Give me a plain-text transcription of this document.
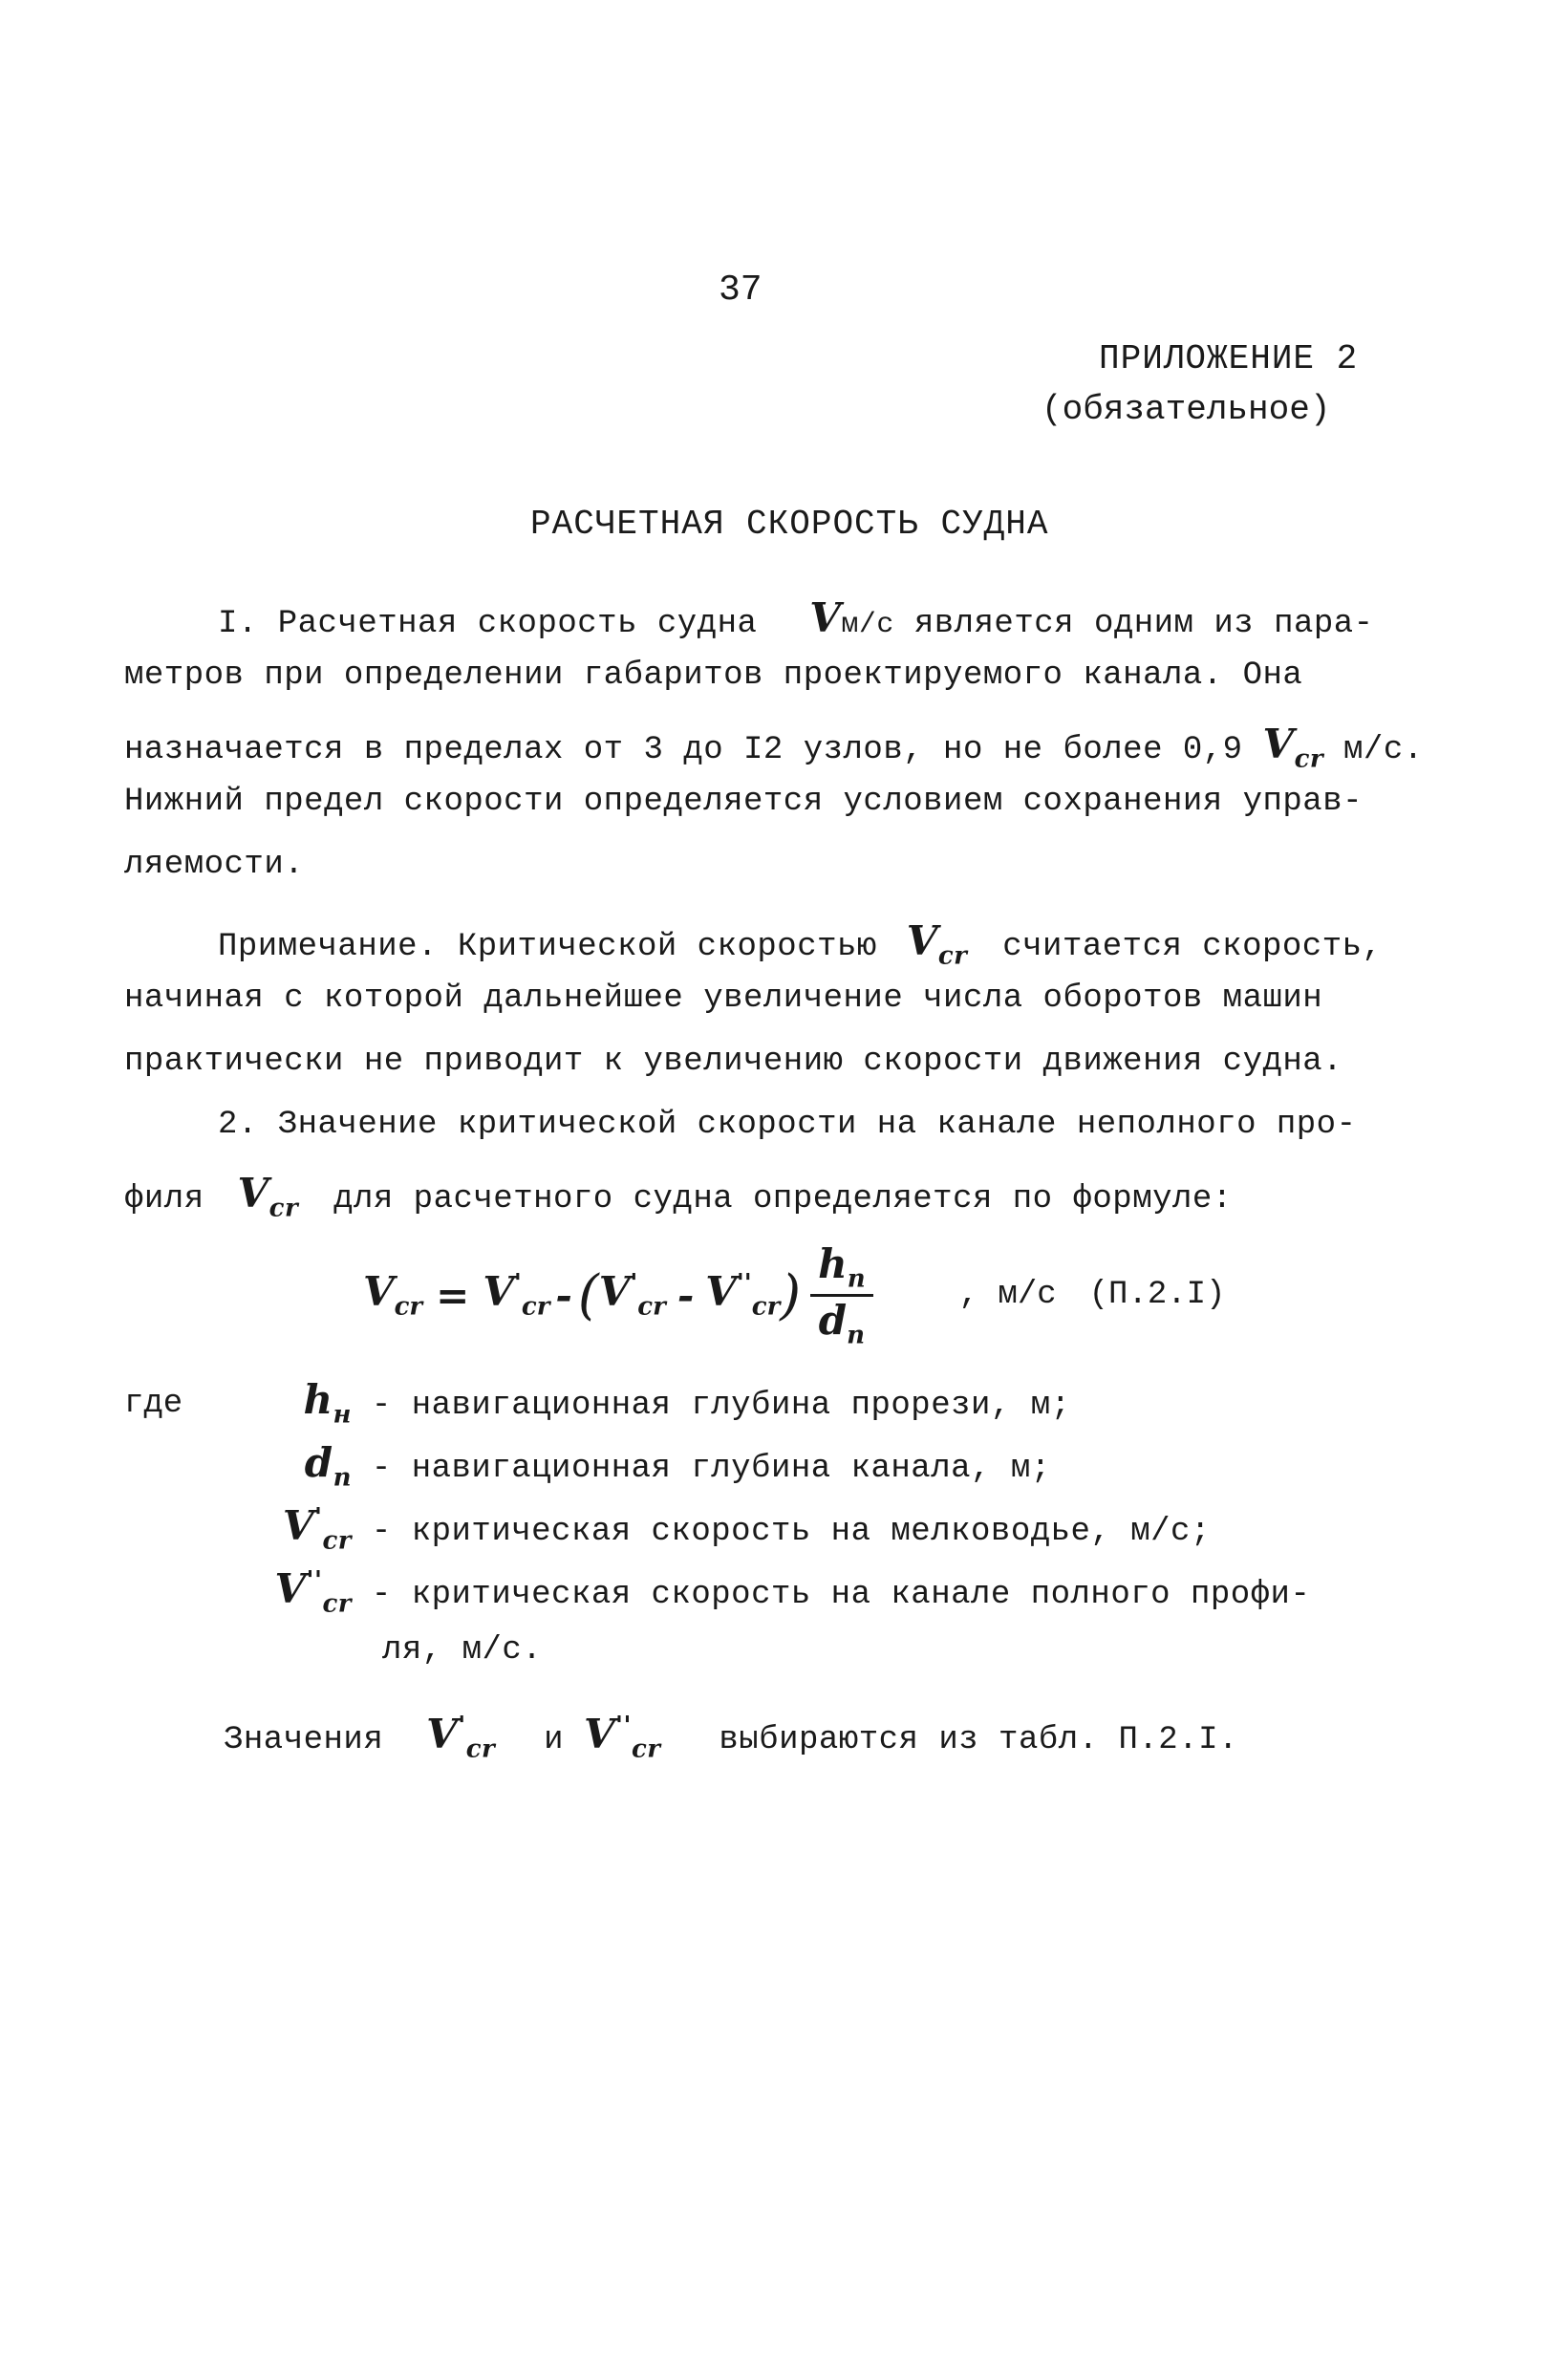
37
ПРИЛОЖЕНИЕ 2
(обязательное)
РАСЧЕТНАЯ СКОРОСТЬ СУДНА
I. Расчетная скорость судна Vм/с является одним из пара-
метров при определении габаритов проектируемого канала. Она
назначается в пределах от 3 до I2 узлов, но не более 0,9 $V_{cr}$ м/с.
Нижний предел скорости определяется условием сохранения управ-
ляемости.
Примечание. Критической скоростью $V_{cr}$ считается скорость,
начиная с которой дальнейшее увеличение числа оборотов машин
практически не приводит к увеличению скорости движения судна.
2. Значение критической скорости на канале неполного про-
филя $V_{cr}$ для расчетного судна определяется по формуле:
$V_{cr} = V'_{cr}$ - ( $V'_{cr} - V''_{cr}$ ) $\frac{h_n}{d_n}$	, м/с (П.2.I)
где	$h_н$ - навигационная глубина прорези, м;
$d_n$ - навигационная глубина канала, м;
$V'_{cr}$ - критическая скорость на мелководье, м/с;
$V''_{cr}$ - критическая скорость на канале полного профи-
ля, м/с.
Значения $V'_{cr}$ и $V''_{cr}$ выбираются из табл. П.2.I.
